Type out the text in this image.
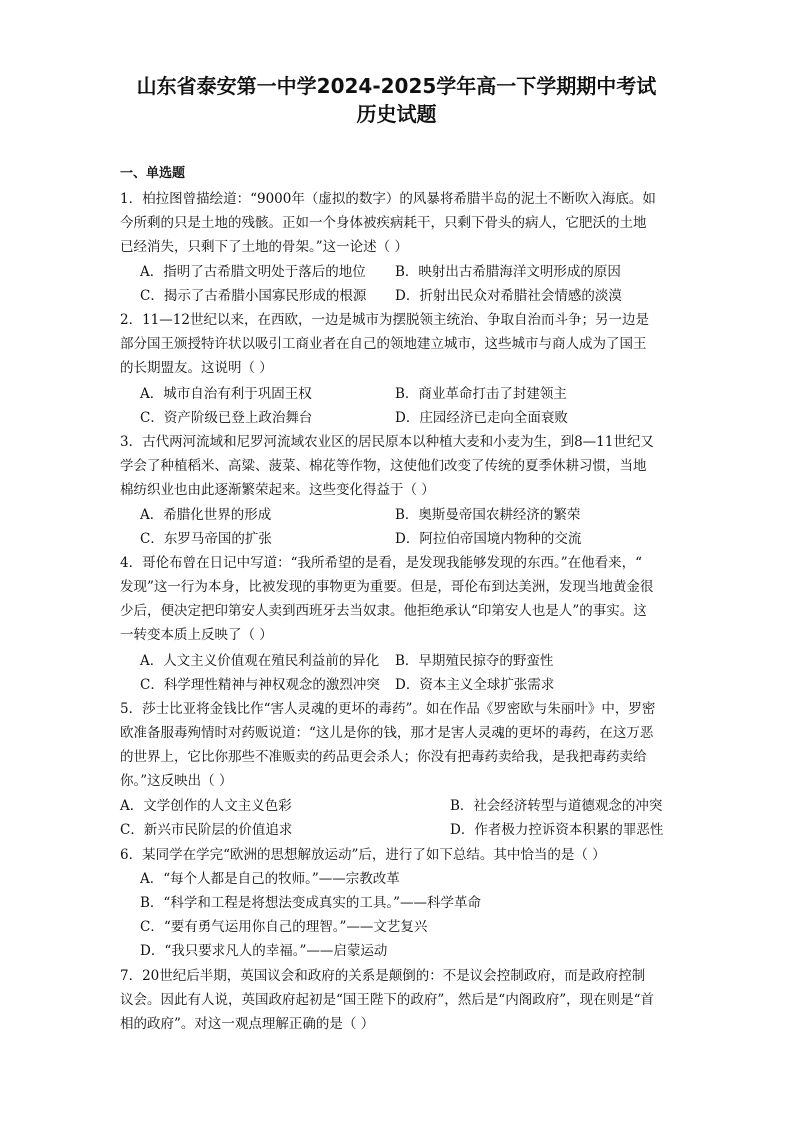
山东省泰安第一中学2024-2025学年高一下学期期中考试
历史试题
一、单选题
1．柏拉图曾描绘道：“9000年（虚拟的数字）的风暴将希腊半岛的泥土不断吹入海底。如
今所剩的只是土地的残骸。正如一个身体被疾病耗干，只剩下骨头的病人，它肥沃的土地
已经消失，只剩下了土地的骨架。”这一论述（ ）
A．指明了古希腊文明处于落后的地位 B．映射出古希腊海洋文明形成的原因
C．揭示了古希腊小国寡民形成的根源 D．折射出民众对希腊社会情感的淡漠
2．11—12世纪以来，在西欧，一边是城市为摆脱领主统治、争取自治而斗争；另一边是
部分国王颁授特许状以吸引工商业者在自己的领地建立城市，这些城市与商人成为了国王
的长期盟友。这说明（ ）
A．城市自治有利于巩固王权	B．商业革命打击了封建领主
C．资产阶级已登上政治舞台	D．庄园经济已走向全面衰败
3．古代两河流域和尼罗河流域农业区的居民原本以种植大麦和小麦为生，到8—11世纪又
学会了种植稻米、高粱、菠菜、棉花等作物，这使他们改变了传统的夏季休耕习惯，当地
棉纺织业也由此逐渐繁荣起来。这些变化得益于（ ）
A．希腊化世界的形成	B．奥斯曼帝国农耕经济的繁荣
C．东罗马帝国的扩张	D．阿拉伯帝国境内物种的交流
4．哥伦布曾在日记中写道：“我所希望的是看，是发现我能够发现的东西。”在他看来，“
发现”这一行为本身，比被发现的事物更为重要。但是，哥伦布到达美洲，发现当地黄金很
少后，便决定把印第安人卖到西班牙去当奴隶。他拒绝承认“印第安人也是人”的事实。这
一转变本质上反映了（ ）
A．人文主义价值观在殖民利益前的异化 B．早期殖民掠夺的野蛮性
C．科学理性精神与神权观念的激烈冲突 D．资本主义全球扩张需求
5．莎士比亚将金钱比作“害人灵魂的更坏的毒药”。如在作品《罗密欧与朱丽叶》中，罗密
欧准备服毒殉情时对药贩说道：“这儿是你的钱，那才是害人灵魂的更坏的毒药，在这万恶
的世界上，它比你那些不准贩卖的药品更会杀人；你没有把毒药卖给我，是我把毒药卖给
你。”这反映出（ ）
A．文学创作的人文主义色彩	B．社会经济转型与道德观念的冲突
C．新兴市民阶层的价值追求	D．作者极力控诉资本积累的罪恶性
6．某同学在学完“欧洲的思想解放运动”后，进行了如下总结。其中恰当的是（ ）
A．“每个人都是自己的牧师。”——宗教改革
B．“科学和工程是将想法变成真实的工具。”——科学革命
C．“要有勇气运用你自己的理智。”——文艺复兴
D．“我只要求凡人的幸福。”——启蒙运动
7．20世纪后半期，英国议会和政府的关系是颠倒的：不是议会控制政府，而是政府控制
议会。因此有人说，英国政府起初是“国王陛下的政府”，然后是“内阁政府”，现在则是“首
相的政府”。对这一观点理解正确的是（ ）
